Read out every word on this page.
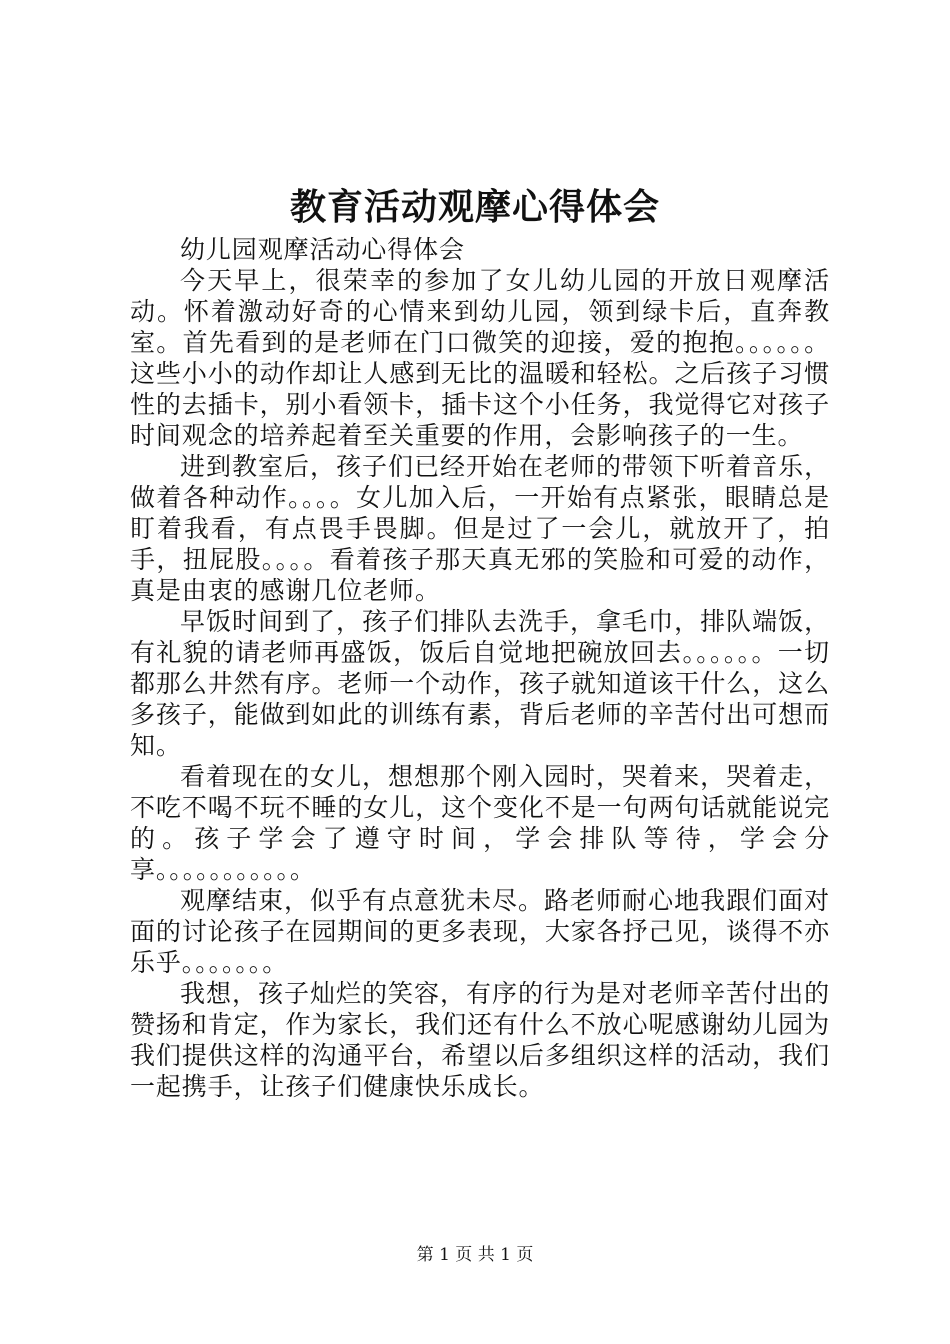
教育活动观摩心得体会

幼儿园观摩活动心得体会

今天早上，很荣幸的参加了女儿幼儿园的开放日观摩活动。怀着激动好奇的心情来到幼儿园，领到绿卡后，直奔教室。首先看到的是老师在门口微笑的迎接，爱的抱抱。。。。。。这些小小的动作却让人感到无比的温暖和轻松。之后孩子习惯性的去插卡，别小看领卡，插卡这个小任务，我觉得它对孩子时间观念的培养起着至关重要的作用，会影响孩子的一生。

进到教室后，孩子们已经开始在老师的带领下听着音乐，做着各种动作。。。。女儿加入后，一开始有点紧张，眼睛总是盯着我看，有点畏手畏脚。但是过了一会儿，就放开了，拍手，扭屁股。。。。看着孩子那天真无邪的笑脸和可爱的动作，真是由衷的感谢几位老师。

早饭时间到了，孩子们排队去洗手，拿毛巾，排队端饭，有礼貌的请老师再盛饭，饭后自觉地把碗放回去。。。。。。一切都那么井然有序。老师一个动作，孩子就知道该干什么，这么多孩子，能做到如此的训练有素，背后老师的辛苦付出可想而知。

看着现在的女儿，想想那个刚入园时，哭着来，哭着走，不吃不喝不玩不睡的女儿，这个变化不是一句两句话就能说完的。孩子学会了遵守时间，学会排队等待，学会分享。。。。。。。。。。。

观摩结束，似乎有点意犹未尽。路老师耐心地我跟们面对面的讨论孩子在园期间的更多表现，大家各抒己见，谈得不亦乐乎。。。。。。。

我想，孩子灿烂的笑容，有序的行为是对老师辛苦付出的赞扬和肯定，作为家长，我们还有什么不放心呢感谢幼儿园为我们提供这样的沟通平台，希望以后多组织这样的活动，我们一起携手，让孩子们健康快乐成长。

第 1 页 共 1 页
